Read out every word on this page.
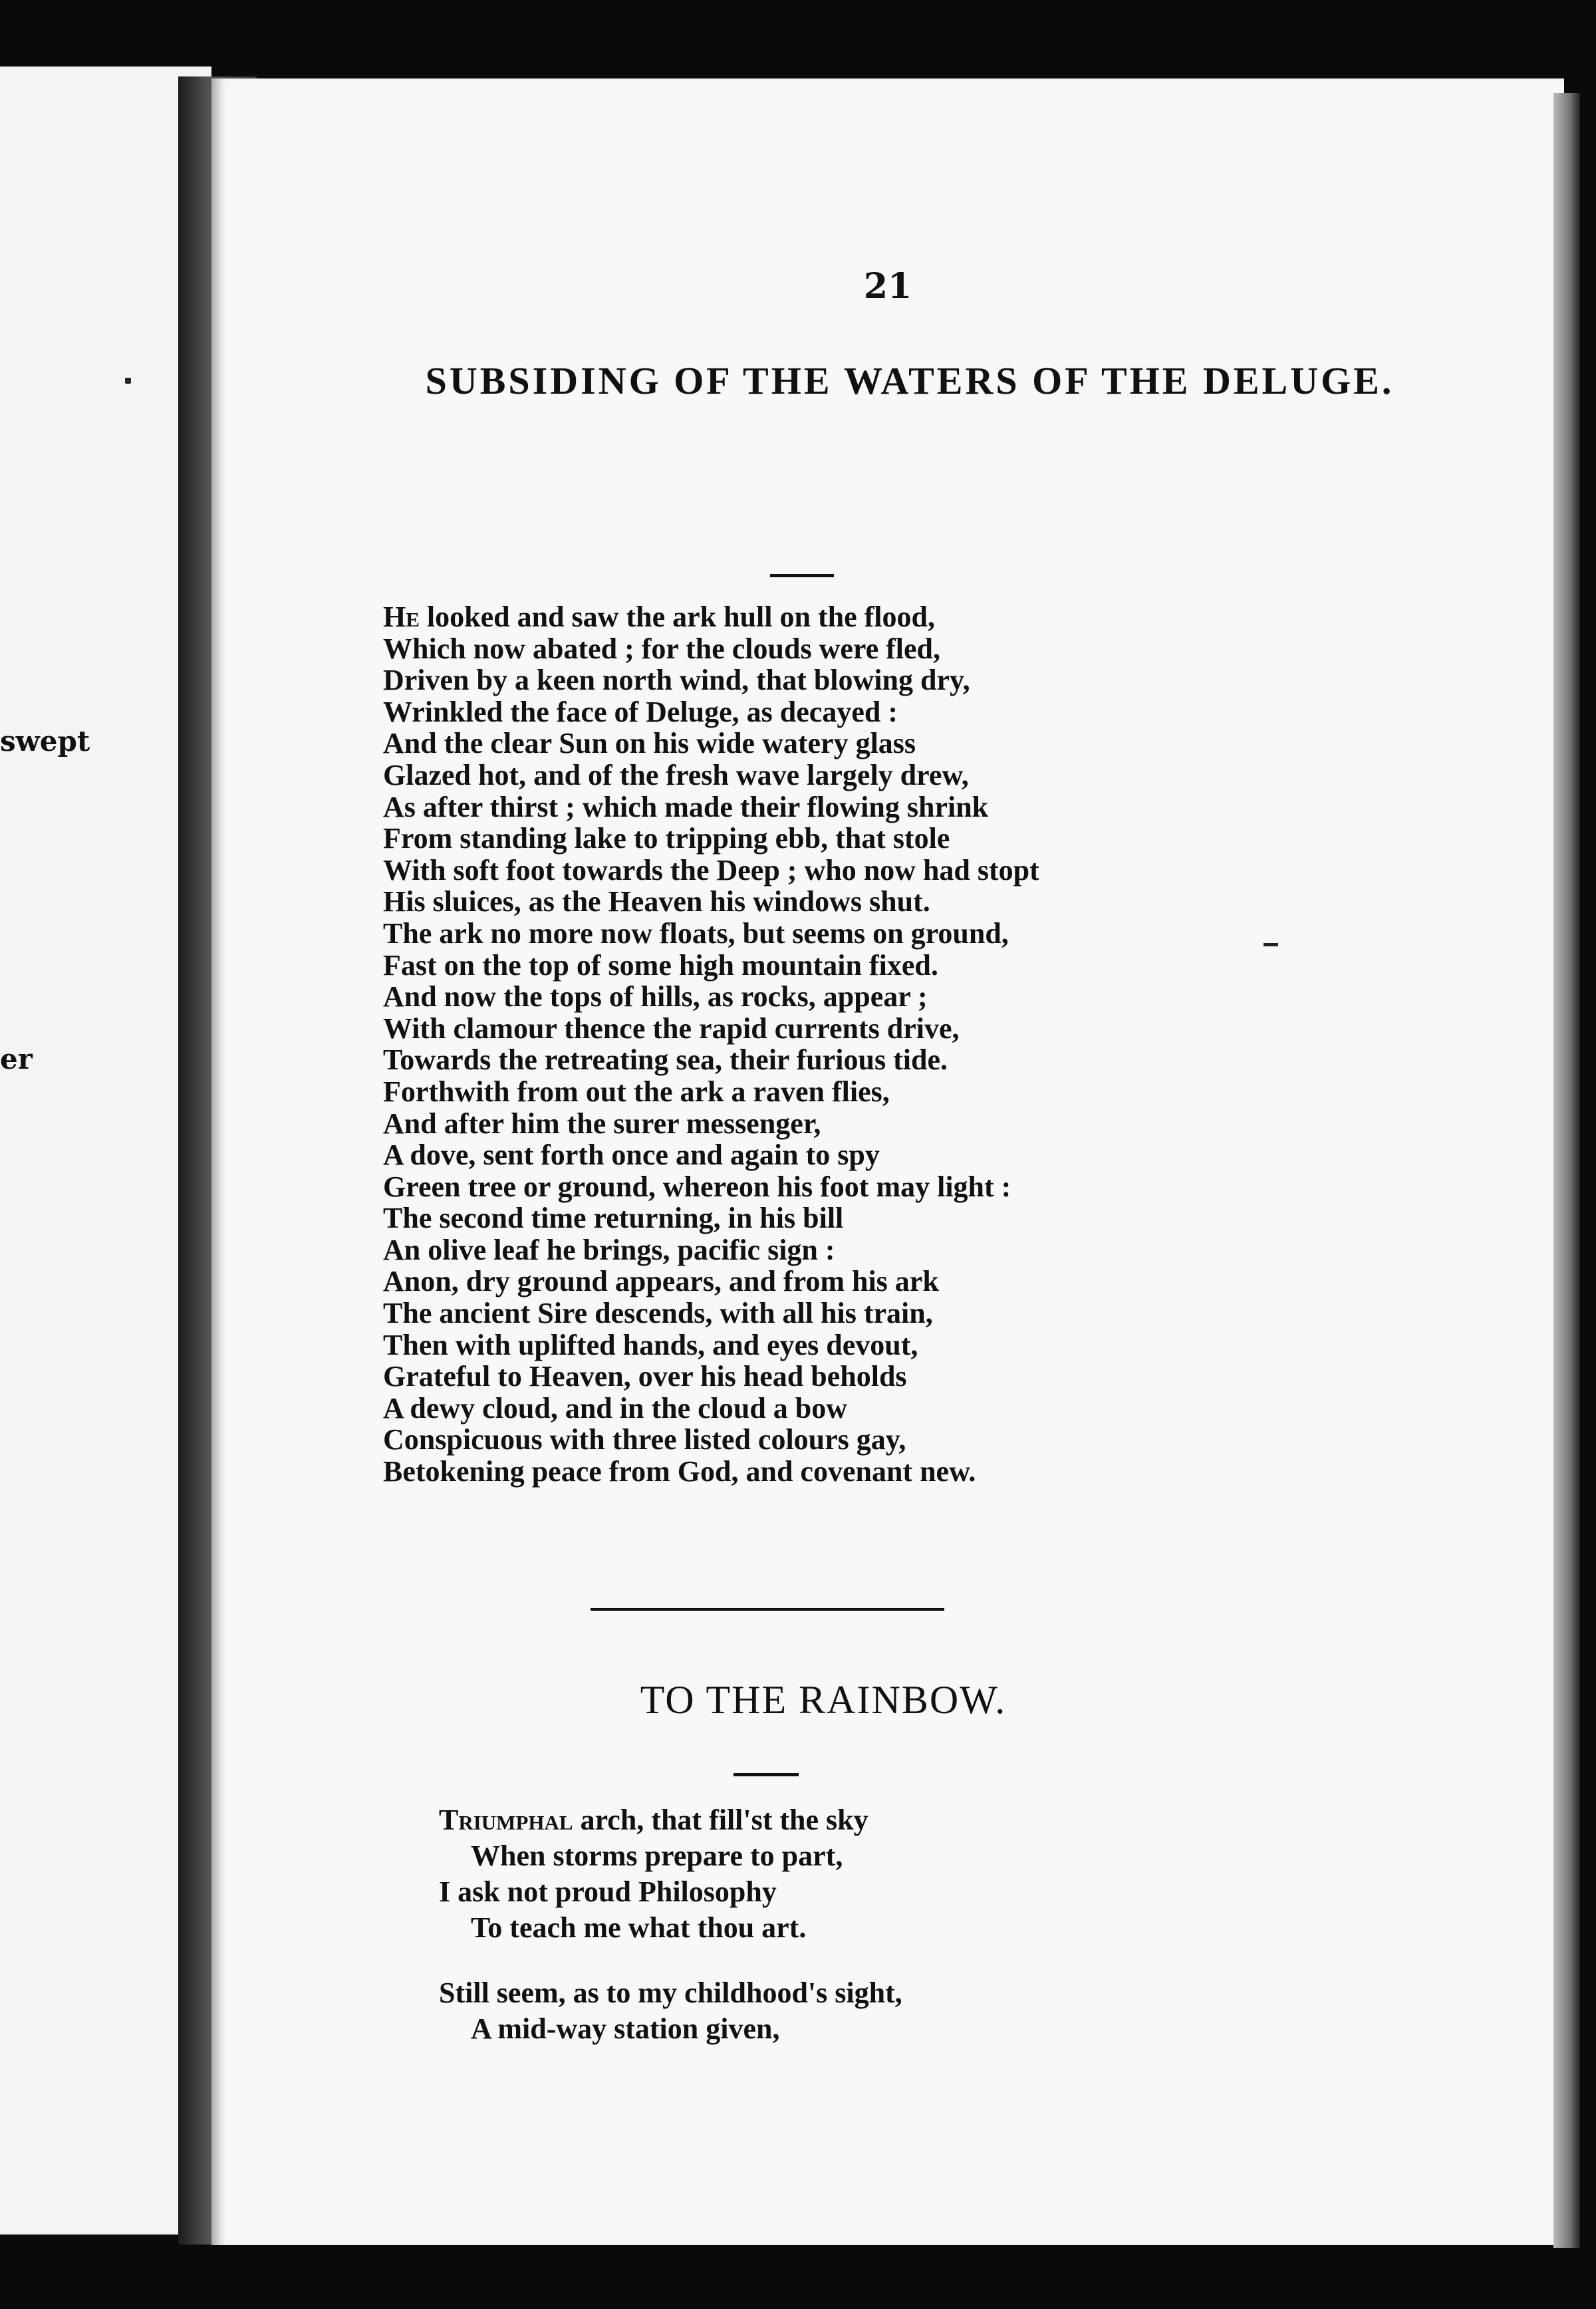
swept
er
21
SUBSIDING OF THE WATERS OF THE DELUGE.
He looked and saw the ark hull on the flood,
Which now abated ; for the clouds were fled,
Driven by a keen north wind, that blowing dry,
Wrinkled the face of Deluge, as decayed :
And the clear Sun on his wide watery glass
Glazed hot, and of the fresh wave largely drew,
As after thirst ; which made their flowing shrink
From standing lake to tripping ebb, that stole
With soft foot towards the Deep ; who now had stopt
His sluices, as the Heaven his windows shut.
The ark no more now floats, but seems on ground,
Fast on the top of some high mountain fixed.
And now the tops of hills, as rocks, appear ;
With clamour thence the rapid currents drive,
Towards the retreating sea, their furious tide.
Forthwith from out the ark a raven flies,
And after him the surer messenger,
A dove, sent forth once and again to spy
Green tree or ground, whereon his foot may light :
The second time returning, in his bill
An olive leaf he brings, pacific sign :
Anon, dry ground appears, and from his ark
The ancient Sire descends, with all his train,
Then with uplifted hands, and eyes devout,
Grateful to Heaven, over his head beholds
A dewy cloud, and in the cloud a bow
Conspicuous with three listed colours gay,
Betokening peace from God, and covenant new.
TO THE RAINBOW.
Triumphal arch, that fill'st the sky
When storms prepare to part,
I ask not proud Philosophy
To teach me what thou art.
Still seem, as to my childhood's sight,
A mid-way station given,
